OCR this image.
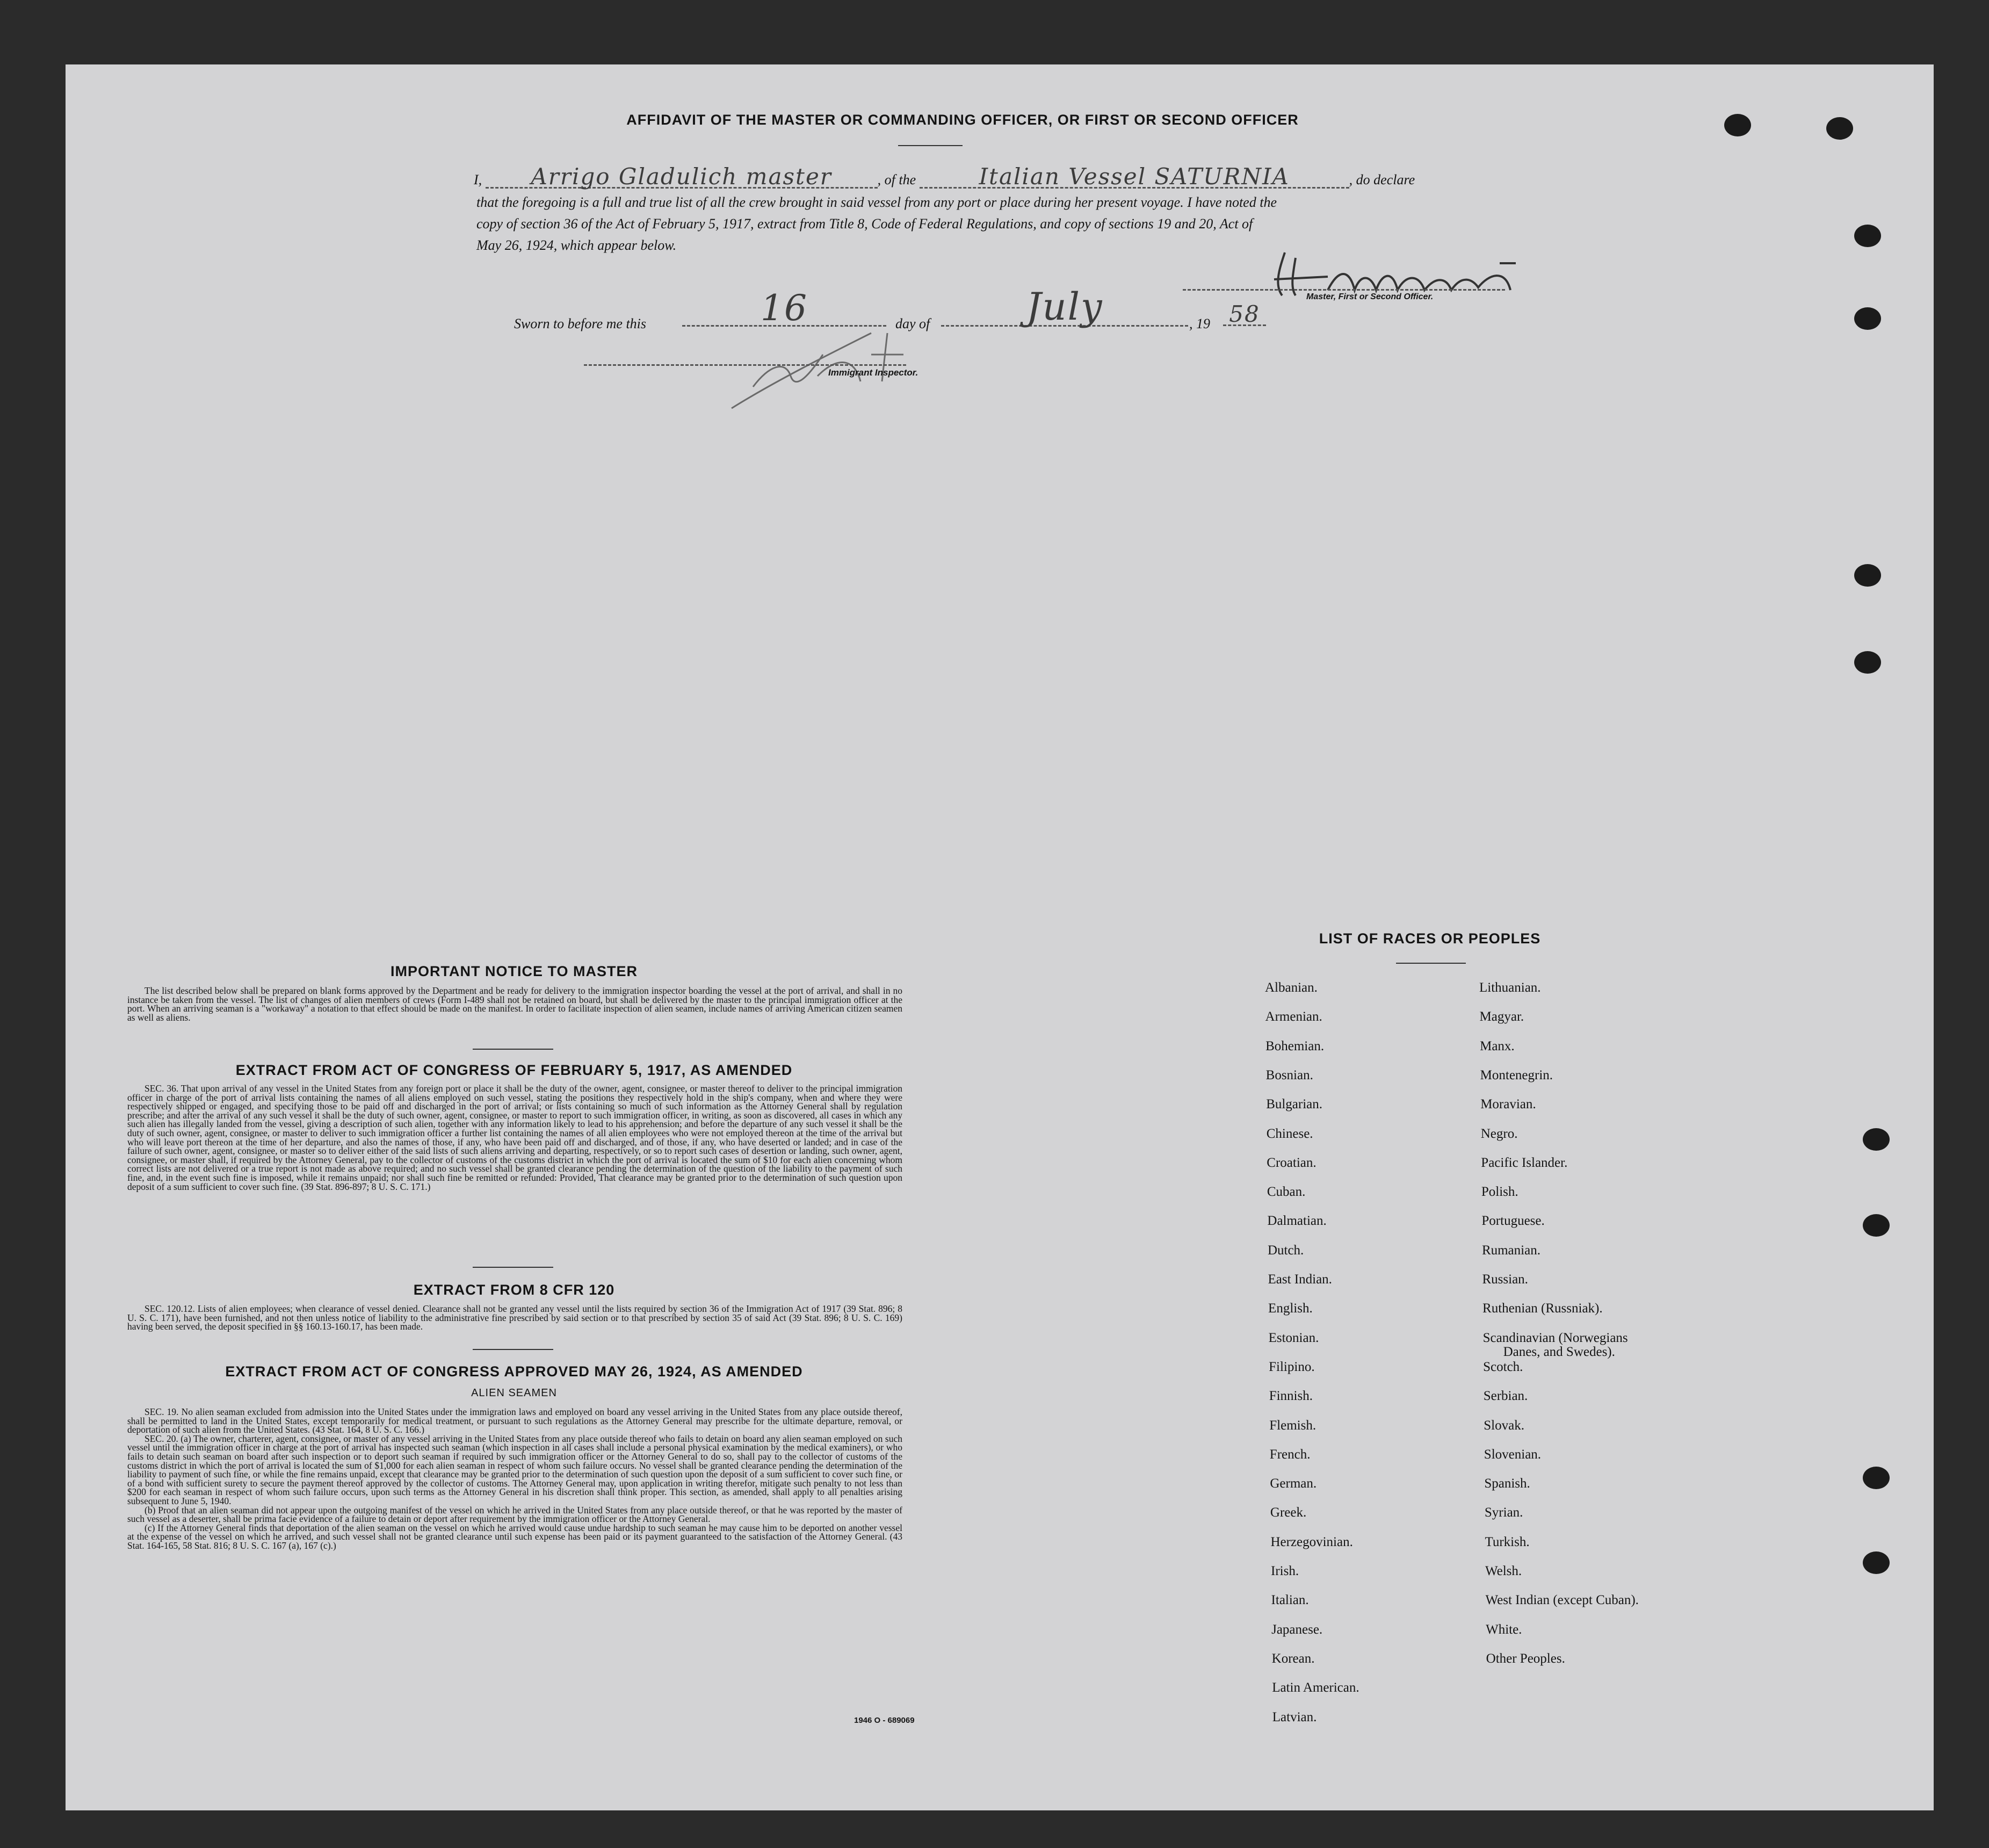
AFFIDAVIT OF THE MASTER OR COMMANDING OFFICER, OR FIRST OR SECOND OFFICER
I, Arrigo Gladulich master	, of the	Italian Vessel SATURNIA	, do declare
that the foregoing is a full and true list of all the crew brought in said vessel from any port or place during her present voyage. I have noted the
copy of section 36 of the Act of February 5, 1917, extract from Title 8, Code of Federal Regulations, and copy of sections 19 and 20, Act of
May 26, 1924, which appear below.
Master, First or Second Officer.
Sworn to before me this	16	day of	July	, 19 58
Immigrant Inspector.
IMPORTANT NOTICE TO MASTER

The list described below shall be prepared on blank forms approved by the Department and be ready for delivery to the immigration inspector boarding the vessel at the port of arrival, and shall in no instance be taken from the vessel. The list of changes of alien members of crews (Form I-489 shall not be retained on board, but shall be delivered by the master to the principal immigration officer at the port. When an arriving seaman is a "workaway" a notation to that effect should be made on the manifest. In order to facilitate inspection of alien seamen, include names of arriving American citizen seamen as well as aliens.

EXTRACT FROM ACT OF CONGRESS OF FEBRUARY 5, 1917, AS AMENDED

SEC. 36. That upon arrival of any vessel in the United States from any foreign port or place it shall be the duty of the owner, agent, consignee, or master thereof to deliver to the principal immigration officer in charge of the port of arrival lists containing the names of all aliens employed on such vessel, stating the positions they respectively hold in the ship's company, when and where they were respectively shipped or engaged, and specifying those to be paid off and discharged in the port of arrival; or lists containing so much of such information as the Attorney General shall by regulation prescribe; and after the arrival of any such vessel it shall be the duty of such owner, agent, consignee, or master to report to such immigration officer, in writing, as soon as discovered, all cases in which any such alien has illegally landed from the vessel, giving a description of such alien, together with any information likely to lead to his apprehension; and before the departure of any such vessel it shall be the duty of such owner, agent, consignee, or master to deliver to such immigration officer a further list containing the names of all alien employees who were not employed thereon at the time of the arrival but who will leave port thereon at the time of her departure, and also the names of those, if any, who have been paid off and discharged, and of those, if any, who have deserted or landed; and in case of the failure of such owner, agent, consignee, or master so to deliver either of the said lists of such aliens arriving and departing, respectively, or so to report such cases of desertion or landing, such owner, agent, consignee, or master shall, if required by the Attorney General, pay to the collector of customs of the customs district in which the port of arrival is located the sum of $10 for each alien concerning whom correct lists are not delivered or a true report is not made as above required; and no such vessel shall be granted clearance pending the determination of the question of the liability to the payment of such fine, and, in the event such fine is imposed, while it remains unpaid; nor shall such fine be remitted or refunded: Provided, That clearance may be granted prior to the determination of such question upon deposit of a sum sufficient to cover such fine. (39 Stat. 896-897; 8 U. S. C. 171.)

EXTRACT FROM 8 CFR 120

SEC. 120.12. Lists of alien employees; when clearance of vessel denied. Clearance shall not be granted any vessel until the lists required by section 36 of the Immigration Act of 1917 (39 Stat. 896; 8 U. S. C. 171), have been furnished, and not then unless notice of liability to the administrative fine prescribed by said section or to that prescribed by section 35 of said Act (39 Stat. 896; 8 U. S. C. 169) having been served, the deposit specified in §§ 160.13-160.17, has been made.

EXTRACT FROM ACT OF CONGRESS APPROVED MAY 26, 1924, AS AMENDED
ALIEN SEAMEN

SEC. 19. No alien seaman excluded from admission into the United States under the immigration laws and employed on board any vessel arriving in the United States from any place outside thereof, shall be permitted to land in the United States, except temporarily for medical treatment, or pursuant to such regulations as the Attorney General may prescribe for the ultimate departure, removal, or deportation of such alien from the United States. (43 Stat. 164, 8 U. S. C. 166.)

SEC. 20. (a) The owner, charterer, agent, consignee, or master of any vessel arriving in the United States from any place outside thereof who fails to detain on board any alien seaman employed on such vessel until the immigration officer in charge at the port of arrival has inspected such seaman (which inspection in all cases shall include a personal physical examination by the medical examiners), or who fails to detain such seaman on board after such inspection or to deport such seaman if required by such immigration officer or the Attorney General to do so, shall pay to the collector of customs of the customs district in which the port of arrival is located the sum of $1,000 for each alien seaman in respect of whom such failure occurs. No vessel shall be granted clearance pending the determination of the liability to payment of such fine, or while the fine remains unpaid, except that clearance may be granted prior to the determination of such question upon the deposit of a sum sufficient to cover such fine, or of a bond with sufficient surety to secure the payment thereof approved by the collector of customs. The Attorney General may, upon application in writing therefor, mitigate such penalty to not less than $200 for each seaman in respect of whom such failure occurs, upon such terms as the Attorney General in his discretion shall think proper. This section, as amended, shall apply to all penalties arising subsequent to June 5, 1940.

(b) Proof that an alien seaman did not appear upon the outgoing manifest of the vessel on which he arrived in the United States from any place outside thereof, or that he was reported by the master of such vessel as a deserter, shall be prima facie evidence of a failure to detain or deport after requirement by the immigration officer or the Attorney General.

(c) If the Attorney General finds that deportation of the alien seaman on the vessel on which he arrived would cause undue hardship to such seaman he may cause him to be deported on another vessel at the expense of the vessel on which he arrived, and such vessel shall not be granted clearance until such expense has been paid or its payment guaranteed to the satisfaction of the Attorney General. (43 Stat. 164-165, 58 Stat. 816; 8 U. S. C. 167 (a), 167 (c).)

1946 O - 689069
LIST OF RACES OR PEOPLES
Albanian.
Armenian.
Bohemian.
Bosnian.
Bulgarian.
Chinese.
Croatian.
Cuban.
Dalmatian.
Dutch.
East Indian.
English.
Estonian.
Filipino.
Finnish.
Flemish.
French.
German.
Greek.
Herzegovinian.
Irish.
Italian.
Japanese.
Korean.
Latin American.
Latvian.
Lithuanian.
Magyar.
Manx.
Montenegrin.
Moravian.
Negro.
Pacific Islander.
Polish.
Portuguese.
Rumanian.
Russian.
Ruthenian (Russniak).
Scandinavian (Norwegians
Danes, and Swedes).
Scotch.
Serbian.
Slovak.
Slovenian.
Spanish.
Syrian.
Turkish.
Welsh.
West Indian (except Cuban).
White.
Other Peoples.
